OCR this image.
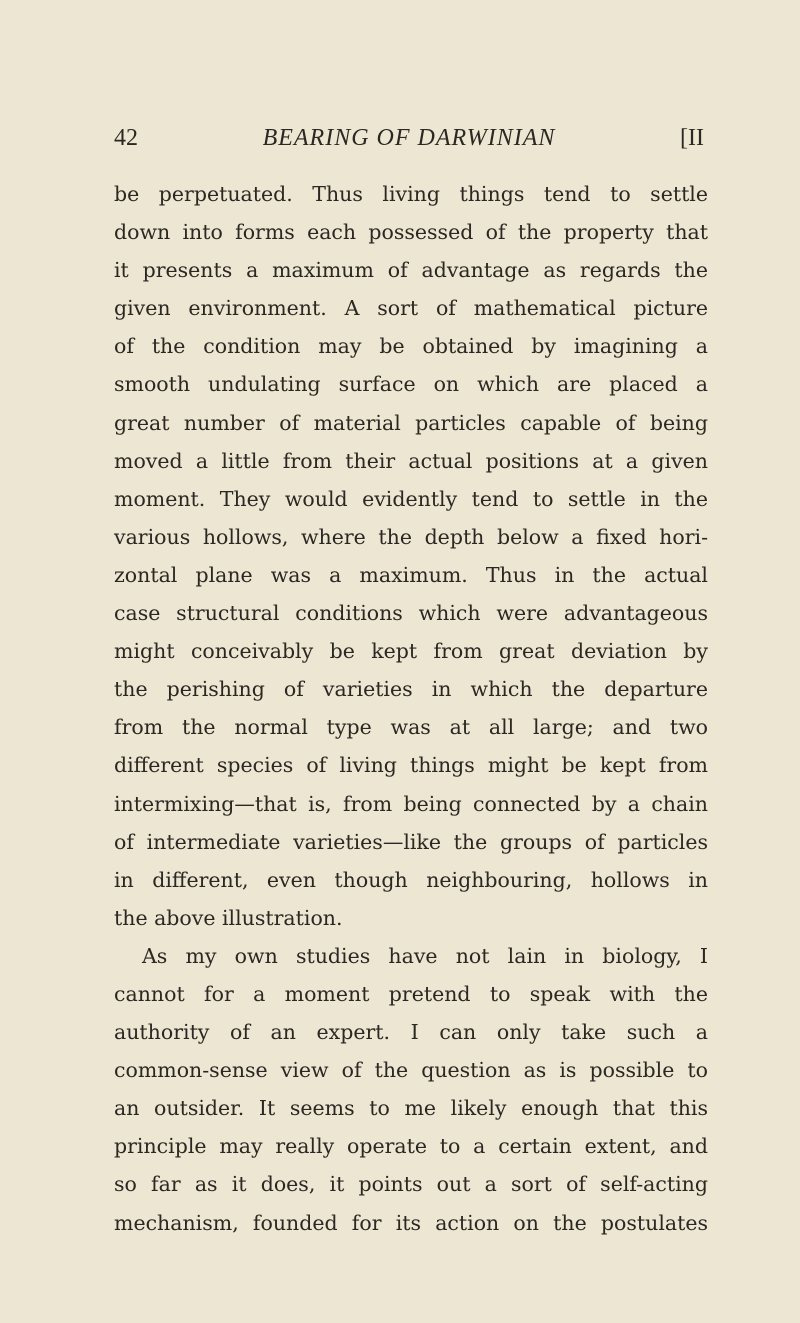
42	BEARING OF DARWINIAN	[II
be perpetuated. Thus living things tend to settle
down into forms each possessed of the property that
it presents a maximum of advantage as regards the
given environment. A sort of mathematical picture
of the condition may be obtained by imagining a
smooth undulating surface on which are placed a
great number of material particles capable of being
moved a little from their actual positions at a given
moment. They would evidently tend to settle in the
various hollows, where the depth below a fixed hori-
zontal plane was a maximum. Thus in the actual
case structural conditions which were advantageous
might conceivably be kept from great deviation by
the perishing of varieties in which the departure
from the normal type was at all large; and two
different species of living things might be kept from
intermixing—that is, from being connected by a chain
of intermediate varieties—like the groups of particles
in different, even though neighbouring, hollows in
the above illustration.
As my own studies have not lain in biology, I
cannot for a moment pretend to speak with the
authority of an expert. I can only take such a
common-sense view of the question as is possible to
an outsider. It seems to me likely enough that this
principle may really operate to a certain extent, and
so far as it does, it points out a sort of self-acting
mechanism, founded for its action on the postulates
